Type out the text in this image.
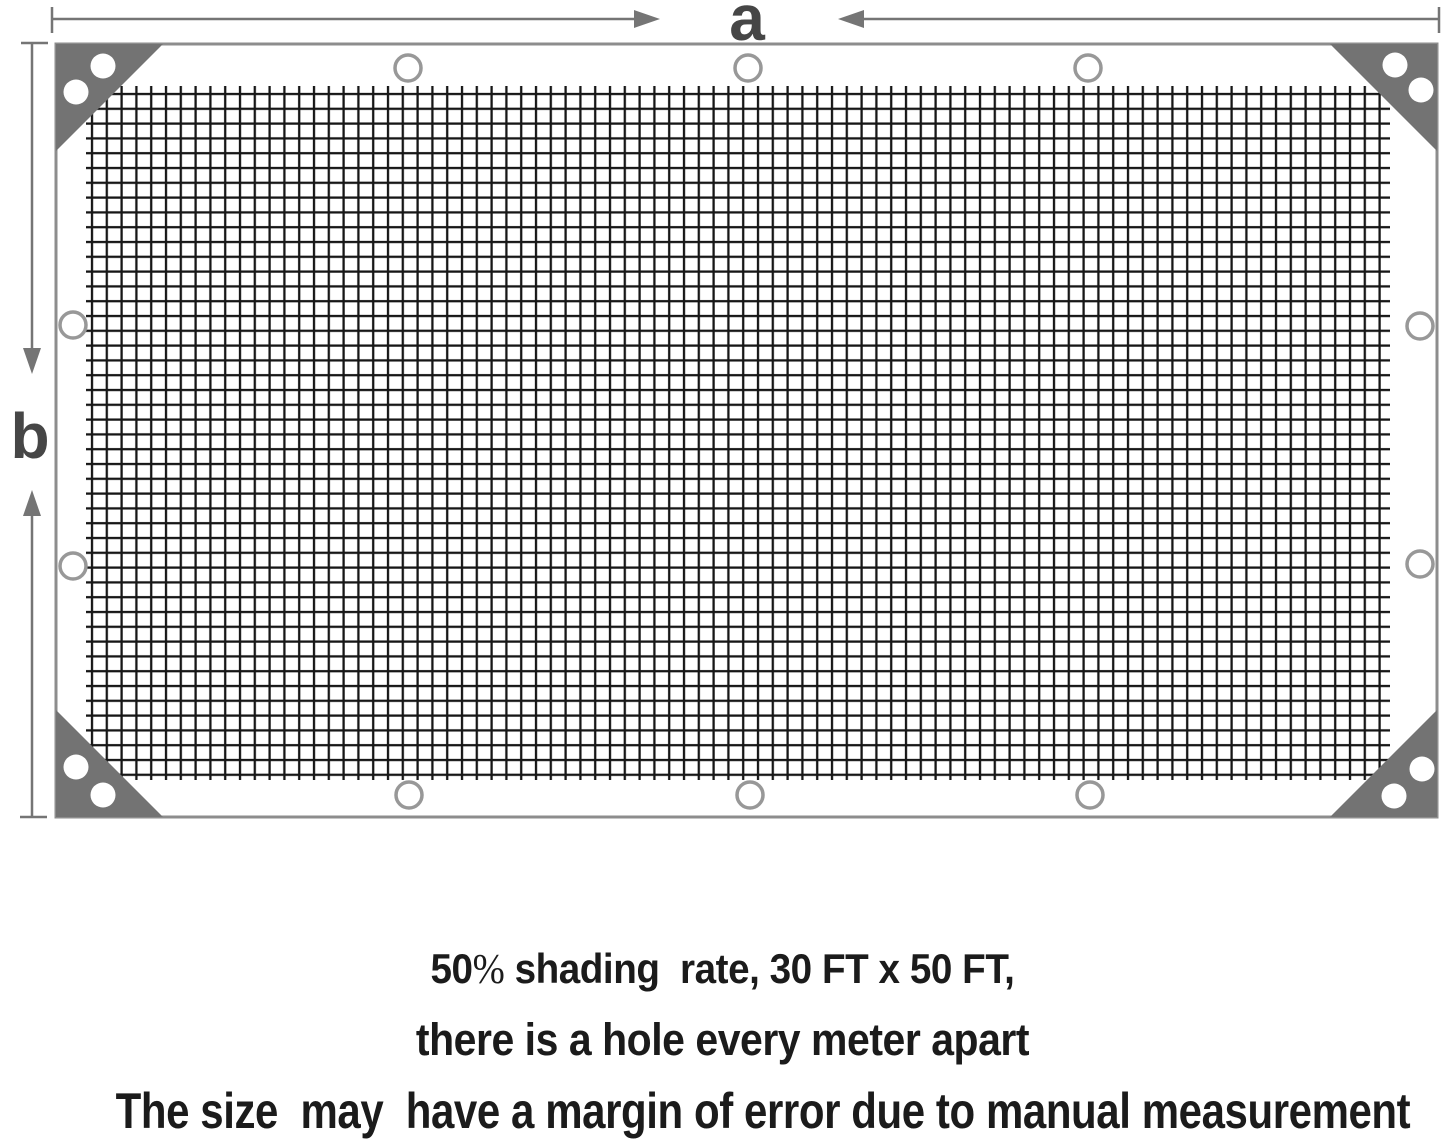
a
b
50% shading  rate, 30 FT x 50 FT,
there is a hole every meter apart
The size  may  have a margin of error due to manual measurement
